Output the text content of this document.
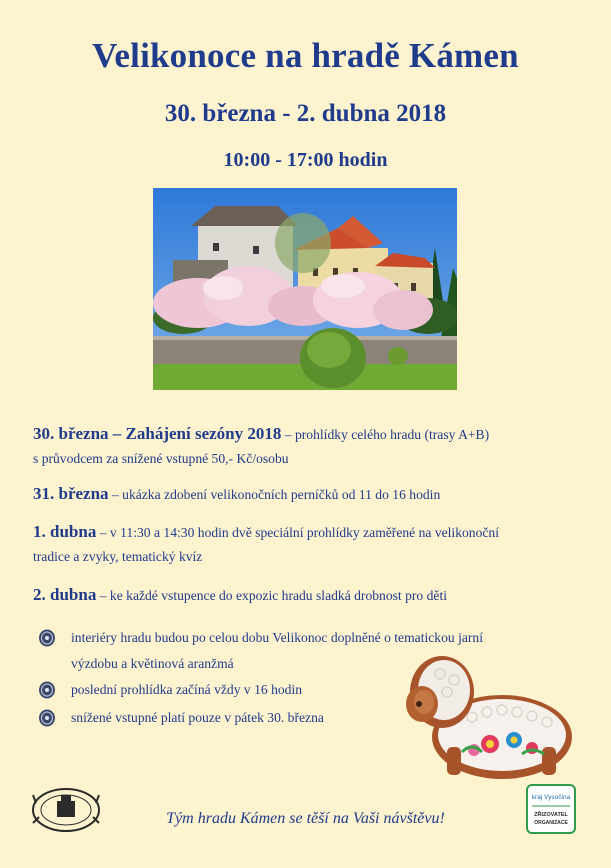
Velikonoce na hradě Kámen
30. března - 2. dubna 2018
10:00 - 17:00 hodin
30. března – Zahájení sezóny 2018 – prohlídky celého hradu (trasy A+B)
s průvodcem za snížené vstupné 50,- Kč/osobu
31. března – ukázka zdobení velikonočních perníčků od 11 do 16 hodin
1. dubna – v 11:30 a 14:30 hodin dvě speciální prohlídky zaměřené na velikonoční
tradice a zvyky, tematický kvíz
2. dubna – ke každé vstupence do expozic hradu sladká drobnost pro děti
interiéry hradu budou po celou dobu Velikonoc doplněné o tematickou jarní
výzdobu a květinová aranžmá
poslední prohlídka začíná vždy v 16 hodin
snížené vstupné platí pouze v pátek 30. března
kraj Vysočina
ZŘIZOVATEL
ORGANIZACE
Tým hradu Kámen se těší na Vaši návštěvu!
